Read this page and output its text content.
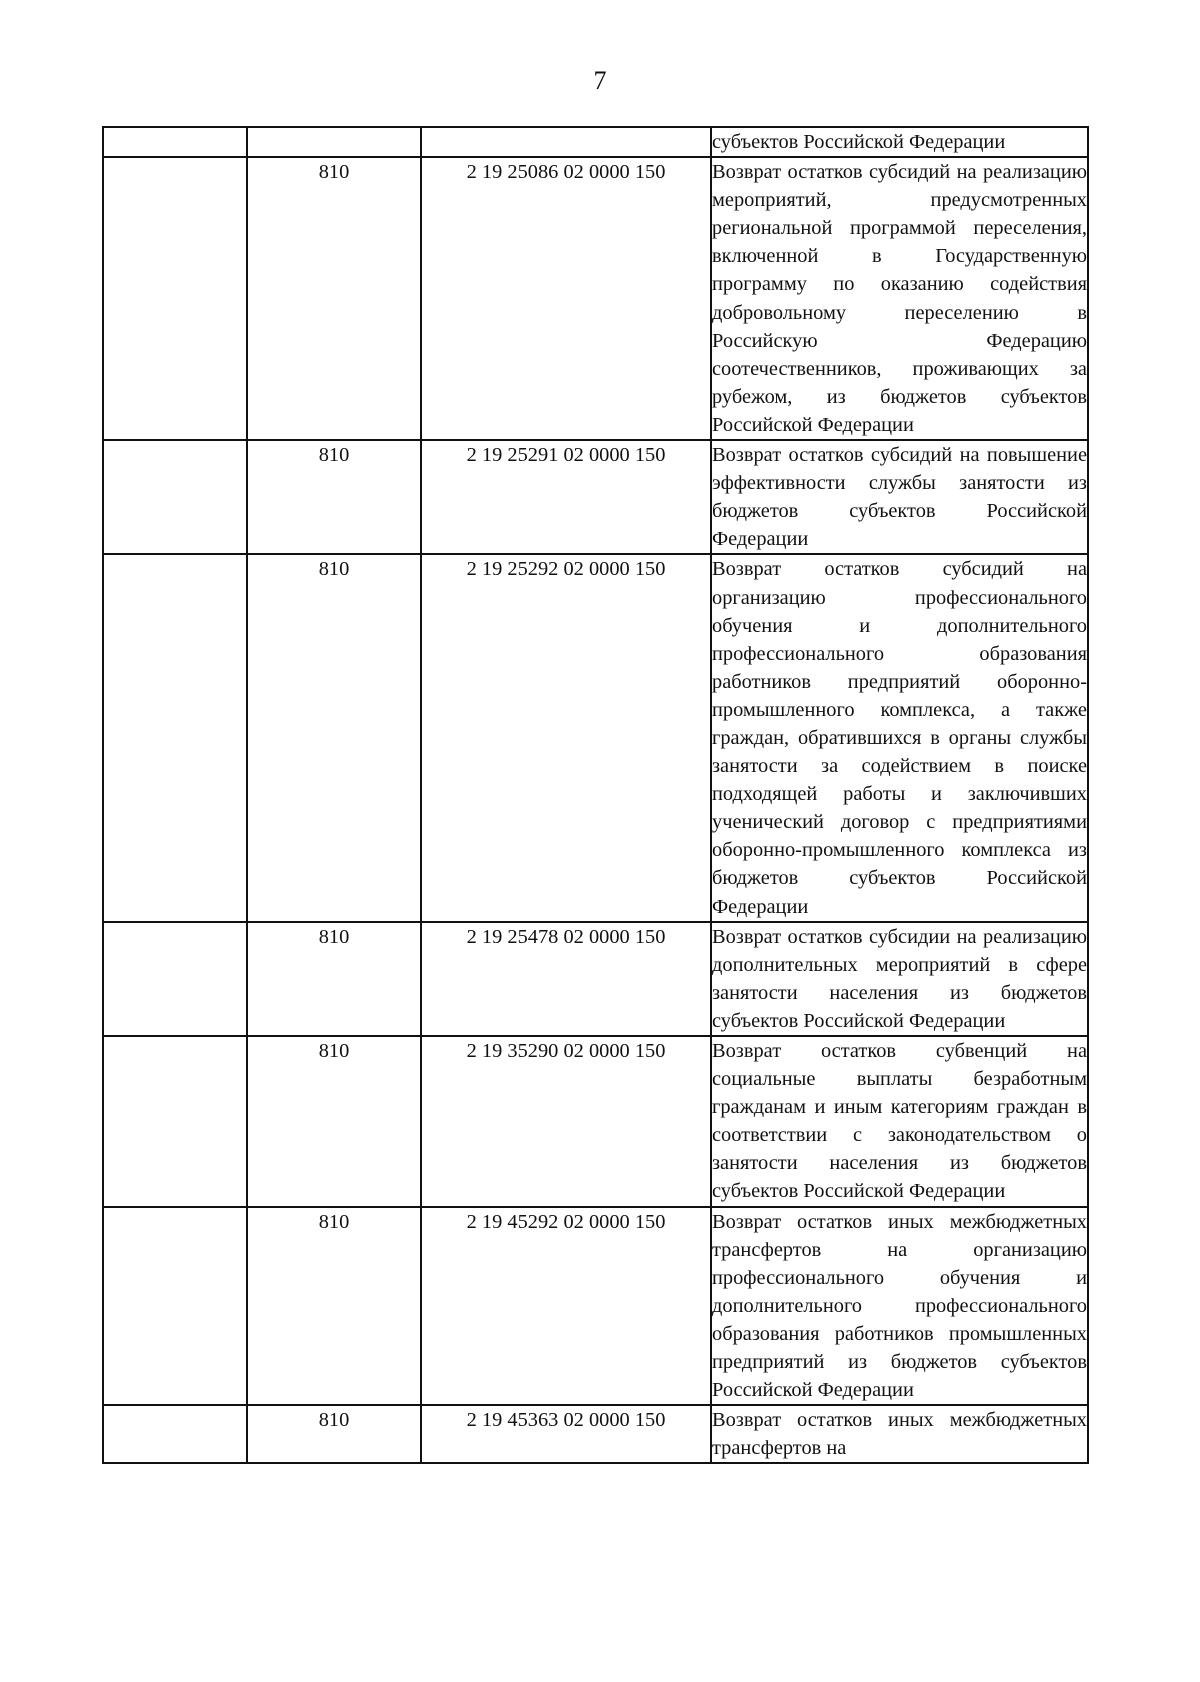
7
			субъектов Российской Федерации
	810	2 19 25086 02 0000 150	Возврат остатков субсидий на реализацию мероприятий, предусмотренных региональной программой переселения, включенной в Государственную программу по оказанию содействия добровольному переселению в Российскую Федерацию соотечественников, проживающих за рубежом, из бюджетов субъектов Российской Федерации
	810	2 19 25291 02 0000 150	Возврат остатков субсидий на повышение эффективности службы занятости из бюджетов субъектов Российской Федерации
	810	2 19 25292 02 0000 150	Возврат остатков субсидий на организацию профессионального обучения и дополнительного профессионального образования работников предприятий оборонно-промышленного комплекса, а также граждан, обратившихся в органы службы занятости за содействием в поиске подходящей работы и заключивших ученический договор с предприятиями оборонно-промышленного комплекса из бюджетов субъектов Российской Федерации
	810	2 19 25478 02 0000 150	Возврат остатков субсидии на реализацию дополнительных мероприятий в сфере занятости населения из бюджетов субъектов Российской Федерации
	810	2 19 35290 02 0000 150	Возврат остатков субвенций на социальные выплаты безработным гражданам и иным категориям граждан в соответствии с законодательством о занятости населения из бюджетов субъектов Российской Федерации
	810	2 19 45292 02 0000 150	Возврат остатков иных межбюджетных трансфертов на организацию профессионального обучения и дополнительного профессионального образования работников промышленных предприятий из бюджетов субъектов Российской Федерации
	810	2 19 45363 02 0000 150	Возврат остатков иных межбюджетных трансфертов на
